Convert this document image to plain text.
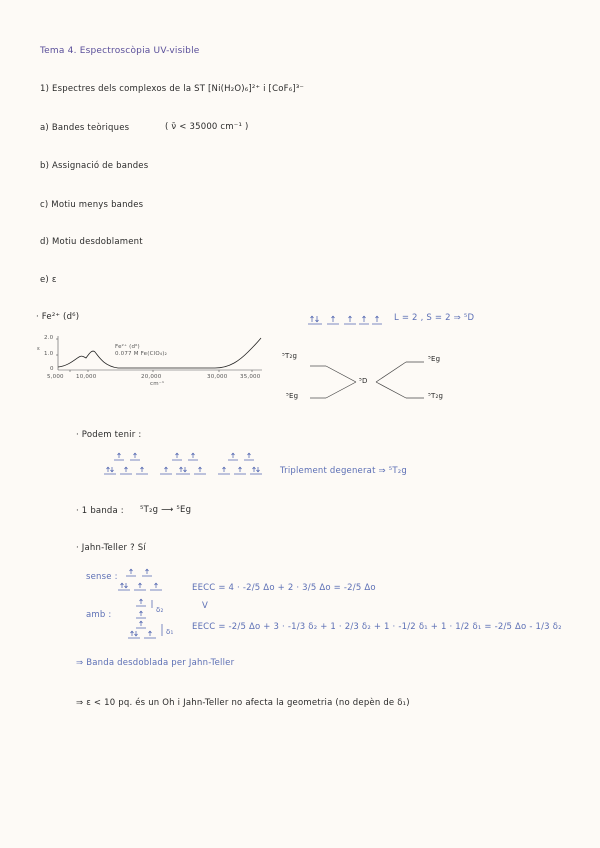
Tema 4. Espectroscòpia UV-visible
1) Espectres dels complexos de la ST [Ni(H₂O)₆]²⁺ i [CoF₆]³⁻
a) Bandes teòriques	( ν̄ < 35000 cm⁻¹ )
b) Assignació de bandes
c) Motiu menys bandes
d) Motiu desdoblament
e) ε
· Fe²⁺ (d⁶)	L = 2 , S = 2 ⇒ ⁵D
2.0
1.0
0
ε	Fe²⁺ (d⁶)
0.077 M Fe(ClO₄)₂
5,000 10,000	20,000	30,000 35,000
cm⁻¹
⁵T₂g
⁵Eg
⁵D
⁵Eg
⁵T₂g
· Podem tenir :
Triplement degenerat ⇒ ⁵T₂g
· 1 banda : ⁵T₂g ⟶ ⁵Eg
· Jahn-Teller ? Sí
sense :
EECC = 4 · -2/5 Δo + 2 · 3/5 Δo = -2/5 Δo
V
amb :	δ₂
δ₁ EECC = -2/5 Δo + 3 · -1/3 δ₂ + 1 · 2/3 δ₂ + 1 · -1/2 δ₁ + 1 · 1/2 δ₁ = -2/5 Δo - 1/3 δ₂
⇒ Banda desdoblada per Jahn-Teller
⇒ ε < 10 pq. és un Oh i Jahn-Teller no afecta la geometria (no depèn de δ₁)
